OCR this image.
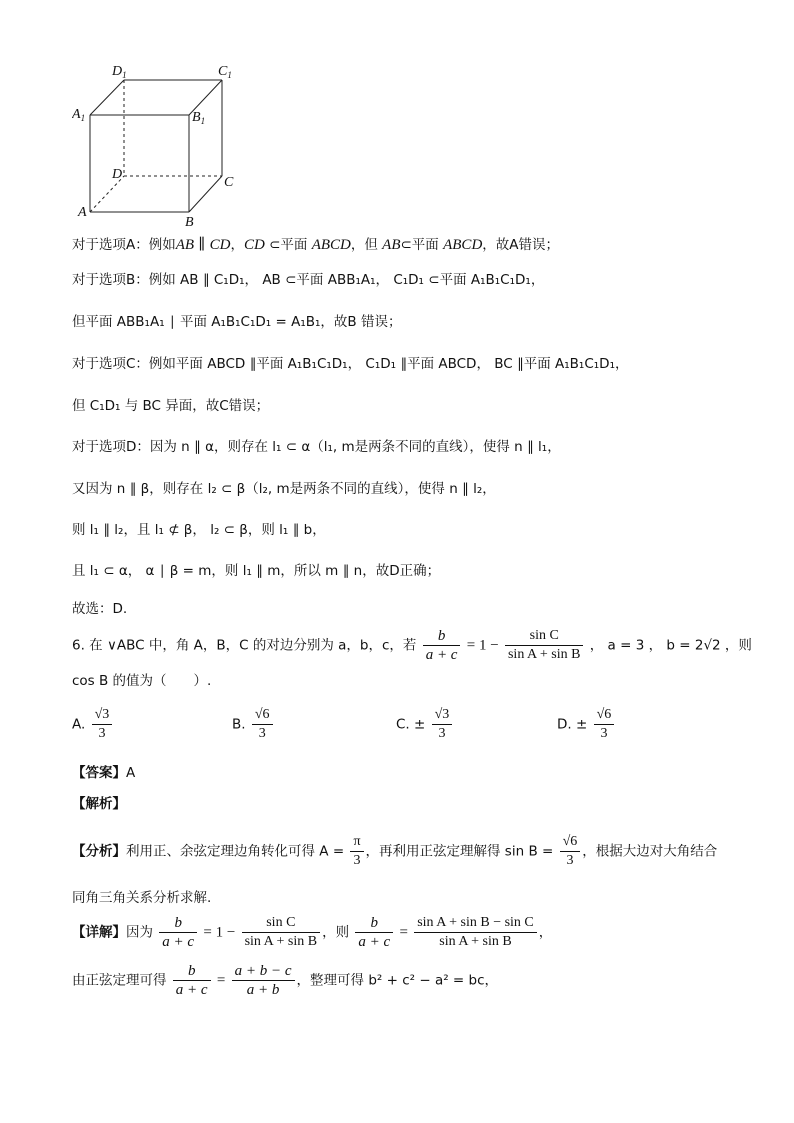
$D_1$	$C_1$
$A_1$	$B_1$
D
C
A
B
对于选项A：例如AB ∥ CD，CD ⊂平面 ABCD，但 AB⊂平面 ABCD，故A错误；
对于选项B：例如 AB ∥ C₁D₁， AB ⊂平面 ABB₁A₁， C₁D₁ ⊂平面 A₁B₁C₁D₁，
但平面 ABB₁A₁ ∣ 平面 A₁B₁C₁D₁ = A₁B₁，故B 错误；
对于选项C：例如平面 ABCD ∥平面 A₁B₁C₁D₁， C₁D₁ ∥平面 ABCD， BC ∥平面 A₁B₁C₁D₁，
但 C₁D₁ 与 BC 异面，故C错误；
对于选项D：因为 n ∥ α，则存在 l₁ ⊂ α（l₁, m是两条不同的直线），使得 n ∥ l₁，
又因为 n ∥ β，则存在 l₂ ⊂ β（l₂, m是两条不同的直线），使得 n ∥ l₂，
则 l₁ ∥ l₂，且 l₁ ⊄ β， l₂ ⊂ β，则 l₁ ∥ b，
且 l₁ ⊂ α， α ∣ β = m，则 l₁ ∥ m，所以 m ∥ n，故D正确；
故选：D.
6. 在 ∨ABC 中，角 A，B，C 的对边分别为 a，b，c，若 $\frac{b}{a + c} = 1 - \frac{\text{sin C}}{\text{sin A + sin B}}$ ， a = 3 ， b = 2√2 ，则
cos B 的值为（　　）.
A. $\frac{√3}{3}$	B. $\frac{√6}{3}$	C. ± $\frac{√3}{3}$	D. ± $\frac{√6}{3}$
【答案】A
【解析】
【分析】利用正、余弦定理边角转化可得 $A = \frac{\pi}{3}$ ，再利用正弦定理解得 $\sin B = \frac{√6}{3}$ ，根据大边对大角结合
同角三角关系分析求解.
【详解】因为 $\frac{b}{a + c} = 1 - \frac{\text{sin C}}{\text{sin A + sin B}}$ ，则 $\frac{b}{a + c} = \frac{\text{sin A + sin B − sin C}}{\text{sin A + sin B}}$ ，
由正弦定理可得 $\frac{b}{a + c} = \frac{a + b - c}{a + b}$ ，整理可得 b² + c² − a² = bc，
